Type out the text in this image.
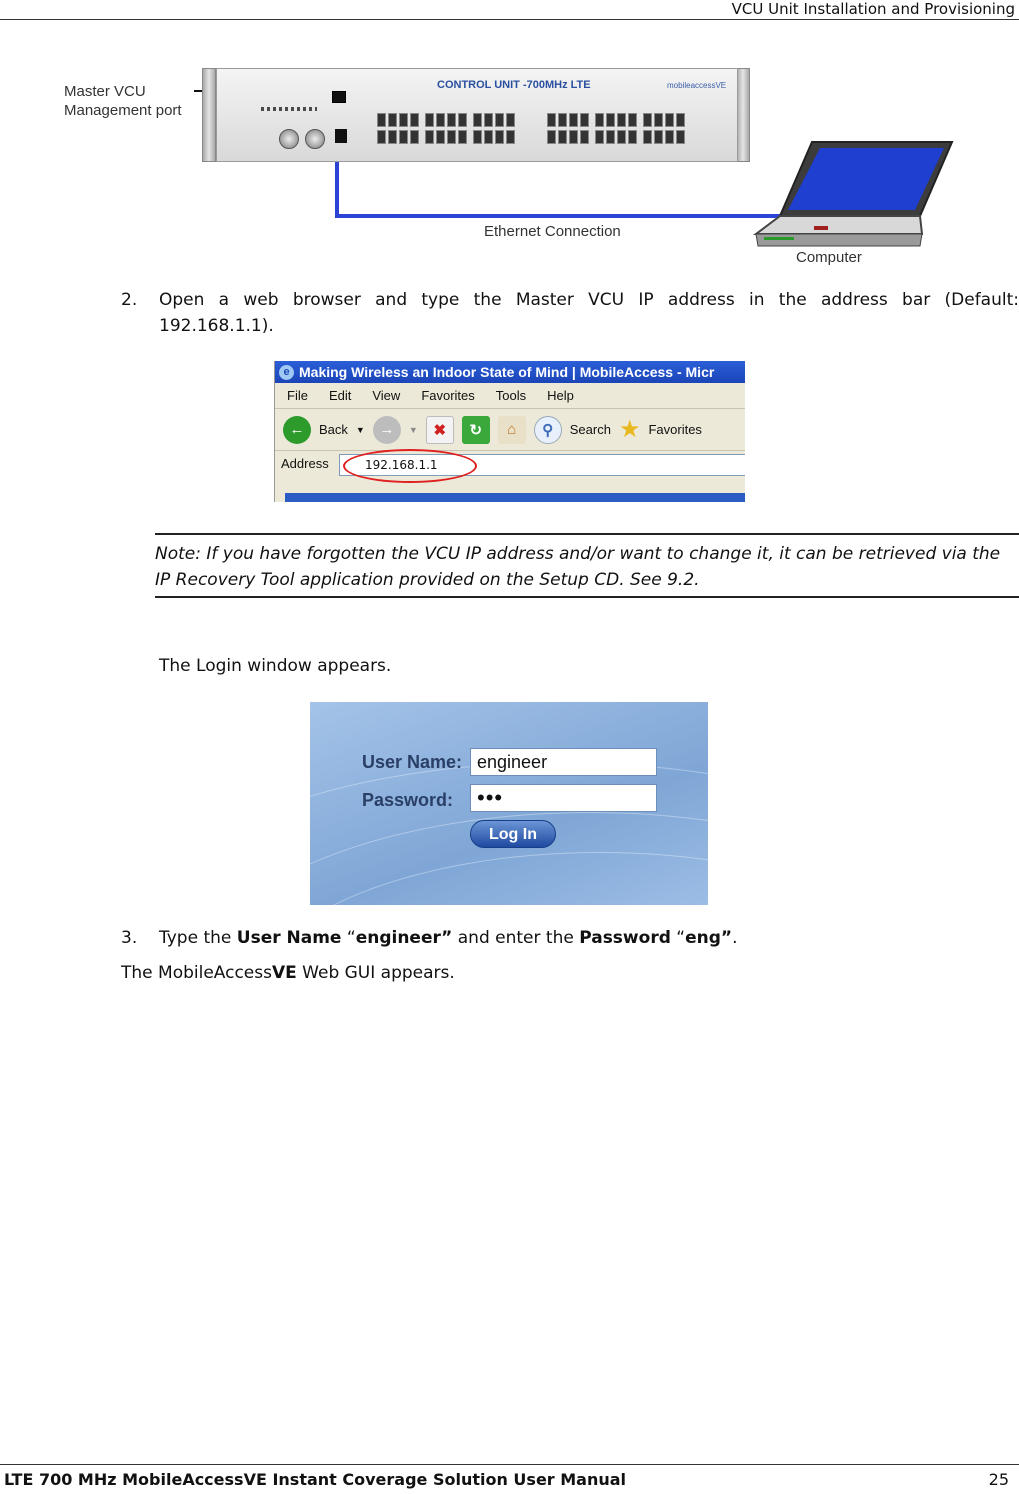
VCU Unit Installation and Provisioning
Master VCU
Management port
CONTROL UNIT -700MHz LTE	mobileaccessVE
Ethernet Connection
Computer
2.	Open a web browser and type the Master VCU IP address in the address bar (Default: 192.168.1.1).
e Making Wireless an Indoor State of Mind | MobileAccess - Micr
File Edit View Favorites Tools Help
←	Back ▼ →	▼	✖	↻	⌂	⚲	Search ★ Favorites
Address	192.168.1.1
Note: If you have forgotten the VCU IP address and/or want to change it, it can be retrieved via the IP Recovery Tool application provided on the Setup CD. See 9.2.
The Login window appears.
User Name: engineer
Password:	•••
Log In
3.	Type the User Name “engineer” and enter the Password “eng”.
The MobileAccessVE Web GUI appears.
LTE 700 MHz MobileAccessVE Instant Coverage Solution User Manual	25
